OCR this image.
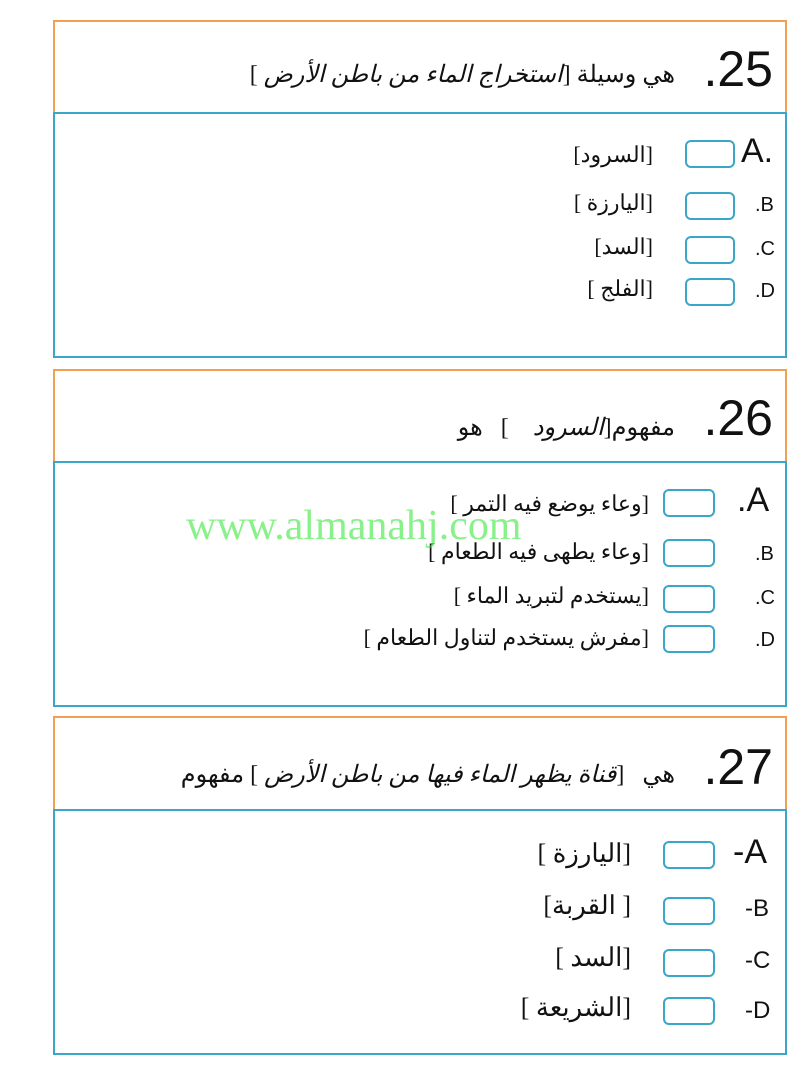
.25
هي وسيلة [استخراج الماء من باطن الأرض ]
A.
[السرود]
.B
[اليارزة ]
.C
[السد]
.D
[الفلج ]
.26
مفهوم[السرود    ]   هو
.A
[وعاء يوضع فيه التمر ]
.B
[وعاء يطهى فيه الطعام ]
.C
[يستخدم لتبريد الماء ]
.D
[مفرش يستخدم لتناول الطعام ]
.27
هي   [قناة يظهر الماء فيها من باطن الأرض ] مفهوم
-A
[اليارزة ]
-B
[ القربة]
-C
[السد ]
-D
[الشريعة ]
www.almanahj.com
